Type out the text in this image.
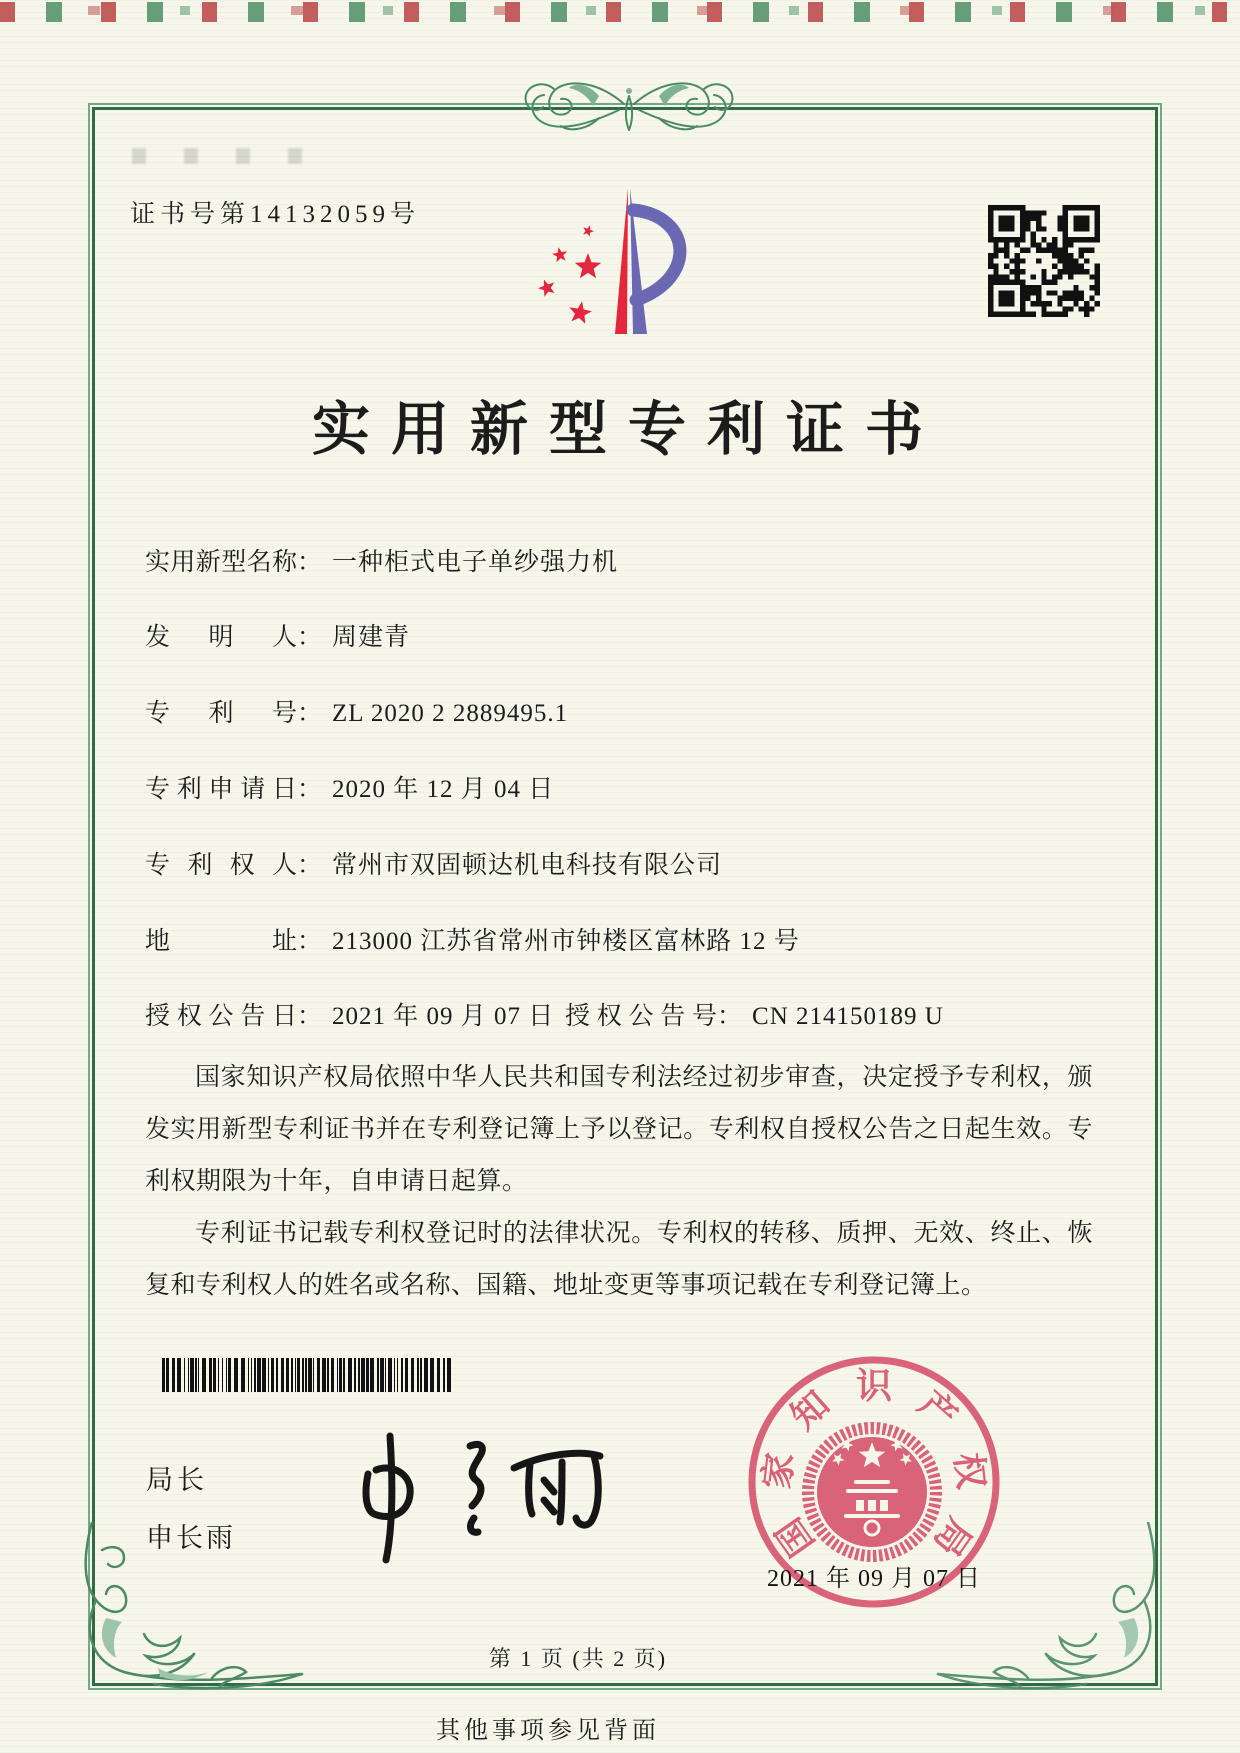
证书号第14132059号
实用新型专利证书
实用新型名称： 一种柜式电子单纱强力机
发明人： 周建青
专利号： ZL 2020 2 2889495.1
专利申请日： 2020 年 12 月 04 日
专利权人： 常州市双固顿达机电科技有限公司
地址： 213000 江苏省常州市钟楼区富林路 12 号
授权公告日： 2021 年 09 月 07 日 授权公告号： CN 214150189 U

国家知识产权局依照中华人民共和国专利法经过初步审查，决定授予专利权，颁发实用新型专利证书并在专利登记簿上予以登记。专利权自授权公告之日起生效。专利权期限为十年，自申请日起算。

专利证书记载专利权登记时的法律状况。专利权的转移、质押、无效、终止、恢复和专利权人的姓名或名称、国籍、地址变更等事项记载在专利登记簿上。

局长
申长雨	国
家
知 识 产
权
局
2021 年 09 月 07 日
第 1 页 (共 2 页)
其他事项参见背面
